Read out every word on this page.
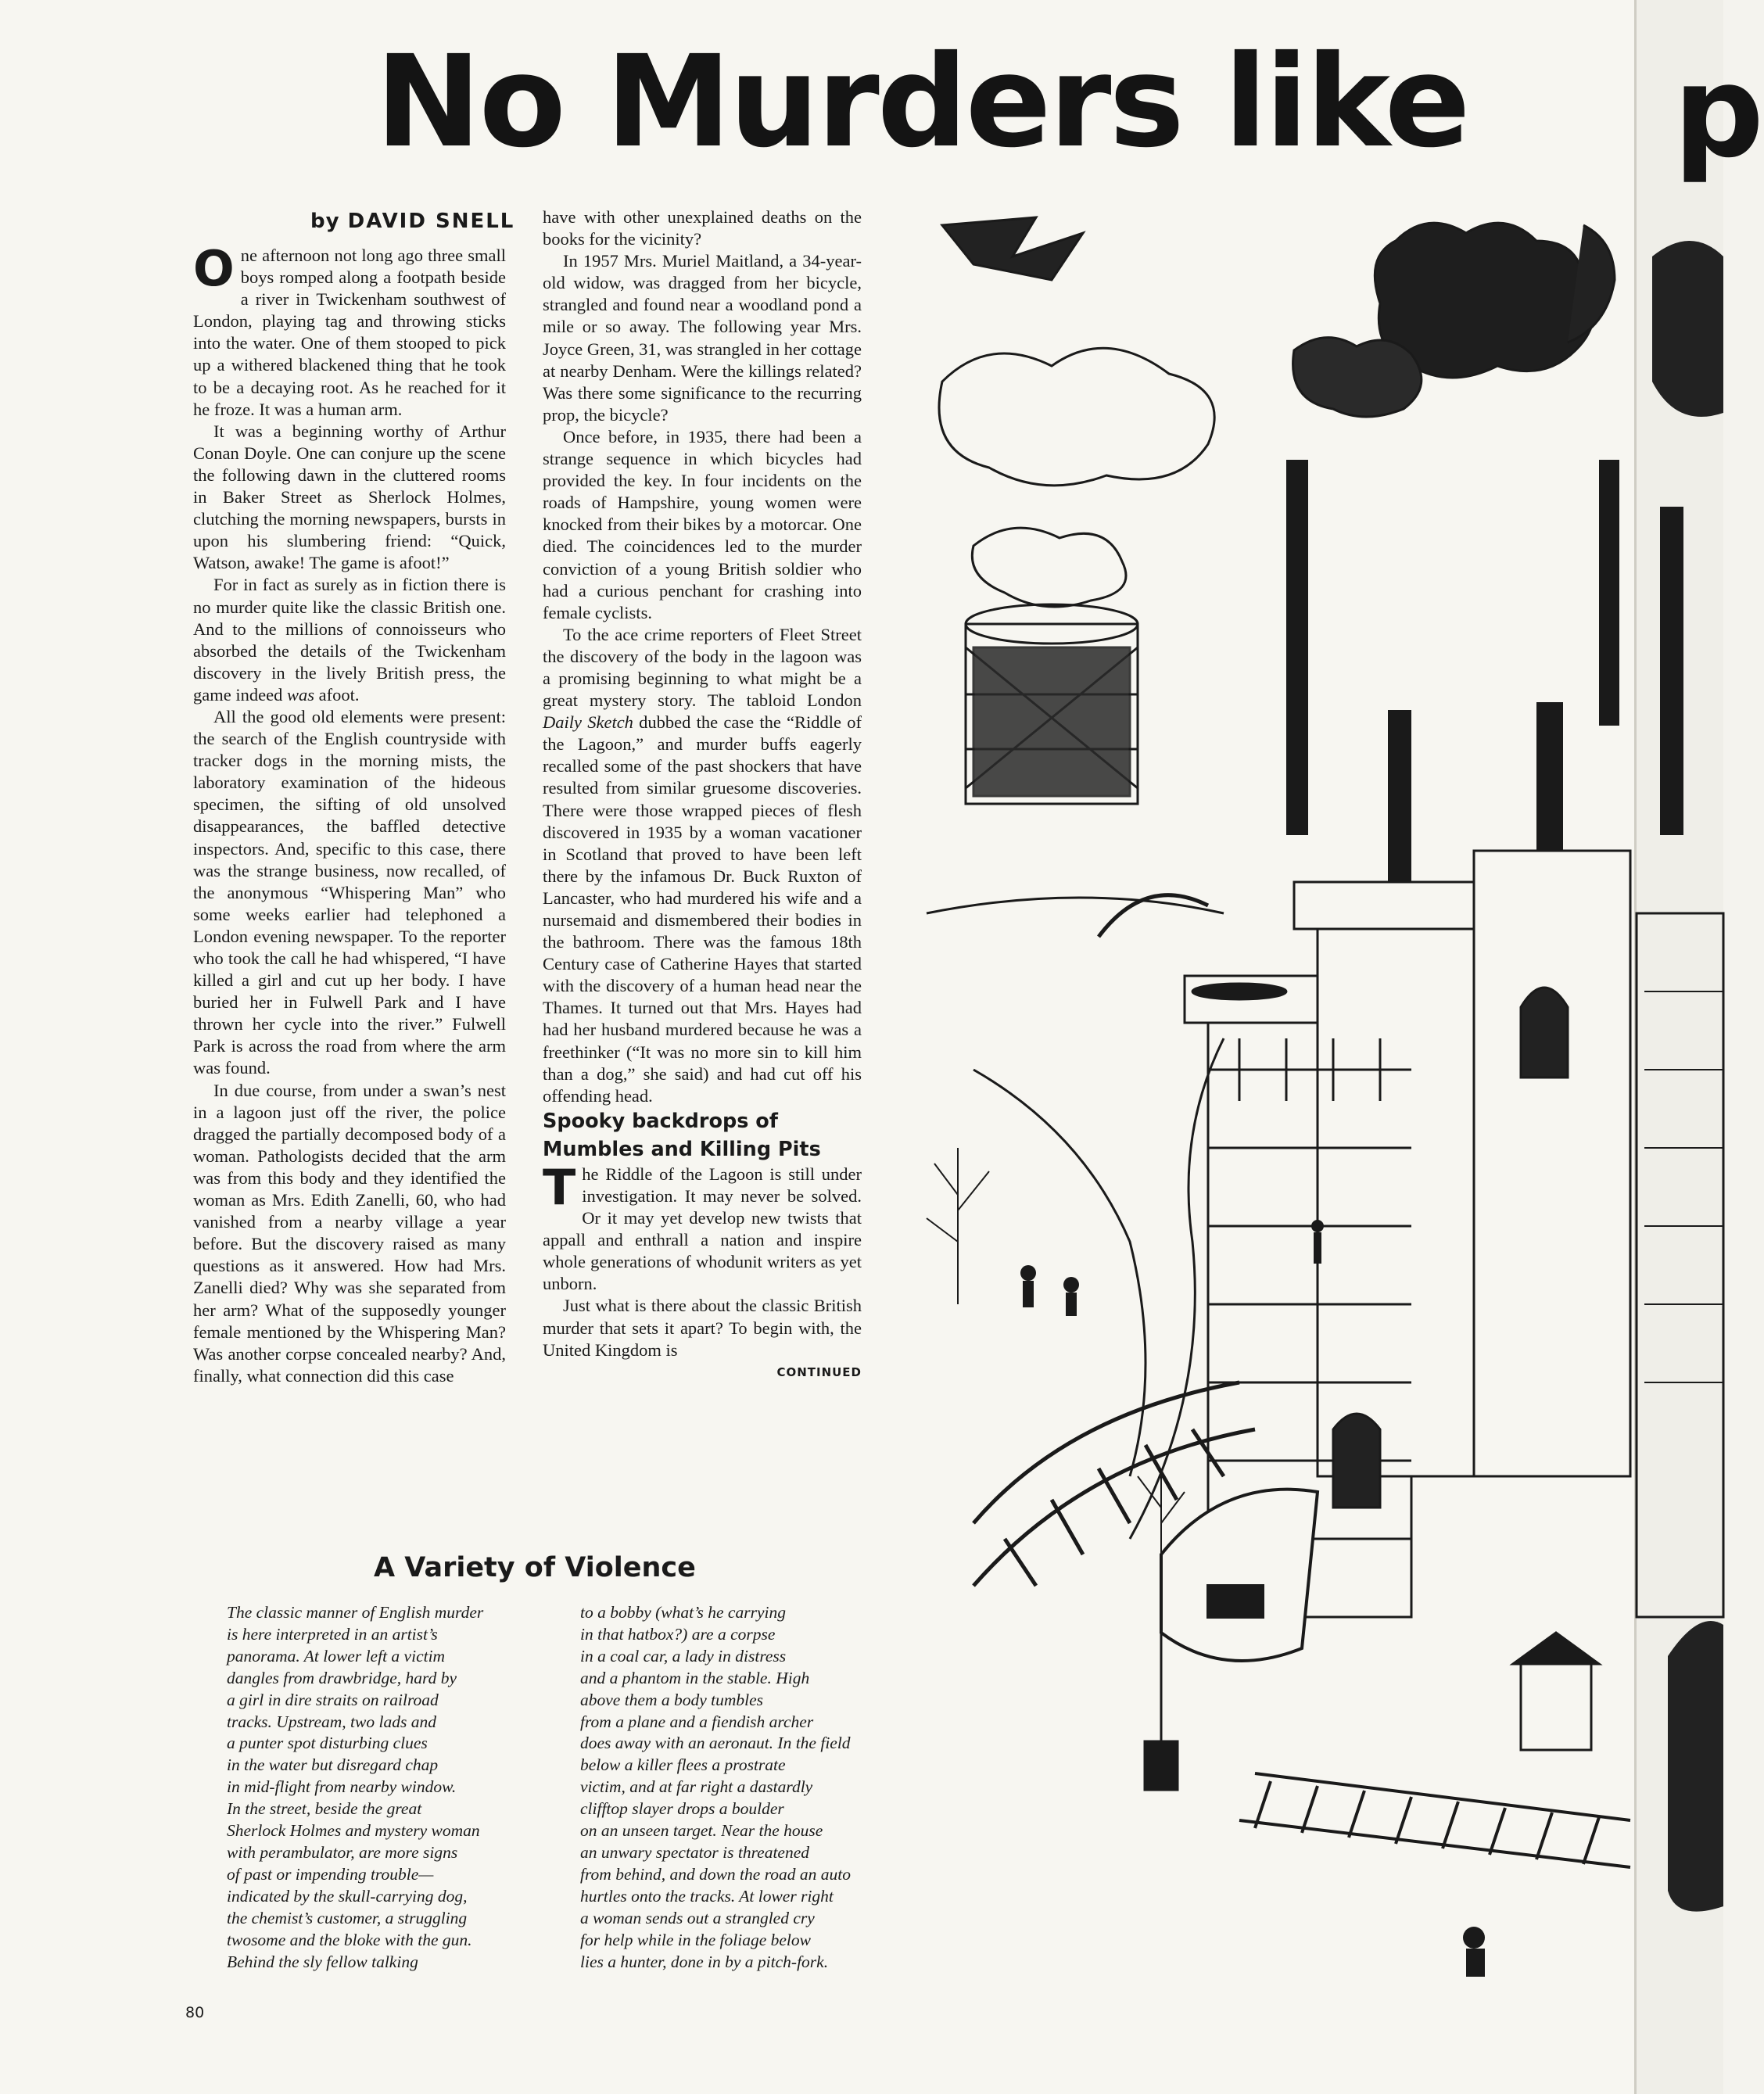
No Murders like
by DAVID SNELL

One afternoon not long ago three small boys romped along a footpath beside a river in Twickenham southwest of London, playing tag and throwing sticks into the water. One of them stooped to pick up a withered blackened thing that he took to be a decaying root. As he reached for it he froze. It was a human arm.

It was a beginning worthy of Arthur Conan Doyle. One can conjure up the scene the following dawn in the cluttered rooms in Baker Street as Sherlock Holmes, clutching the morning newspapers, bursts in upon his slumbering friend: “Quick, Watson, awake! The game is afoot!”

For in fact as surely as in fiction there is no murder quite like the classic British one. And to the millions of connoisseurs who absorbed the details of the Twickenham discovery in the lively British press, the game indeed was afoot.

All the good old elements were present: the search of the English countryside with tracker dogs in the morning mists, the laboratory examination of the hideous specimen, the sifting of old unsolved disappearances, the baffled detective inspectors. And, specific to this case, there was the strange business, now recalled, of the anonymous “Whispering Man” who some weeks earlier had telephoned a London evening newspaper. To the reporter who took the call he had whispered, “I have killed a girl and cut up her body. I have buried her in Fulwell Park and I have thrown her cycle into the river.” Fulwell Park is across the road from where the arm was found.

In due course, from under a swan’s nest in a lagoon just off the river, the police dragged the partially decomposed body of a woman. Pathologists decided that the arm was from this body and they identified the woman as Mrs. Edith Zanelli, 60, who had vanished from a nearby village a year before. But the discovery raised as many questions as it answered. How had Mrs. Zanelli died? Why was she separated from her arm? What of the supposedly younger female mentioned by the Whispering Man? Was another corpse concealed nearby? And, finally, what connection did this case

have with other unexplained deaths on the books for the vicinity?

In 1957 Mrs. Muriel Maitland, a 34-year-old widow, was dragged from her bicycle, strangled and found near a woodland pond a mile or so away. The following year Mrs. Joyce Green, 31, was strangled in her cottage at nearby Denham. Were the killings related? Was there some significance to the recurring prop, the bicycle?

Once before, in 1935, there had been a strange sequence in which bicycles had provided the key. In four incidents on the roads of Hampshire, young women were knocked from their bikes by a motorcar. One died. The coincidences led to the murder conviction of a young British soldier who had a curious penchant for crashing into female cyclists.

To the ace crime reporters of Fleet Street the discovery of the body in the lagoon was a promising beginning to what might be a great mystery story. The tabloid London Daily Sketch dubbed the case the “Riddle of the Lagoon,” and murder buffs eagerly recalled some of the past shockers that have resulted from similar gruesome discoveries. There were those wrapped pieces of flesh discovered in 1935 by a woman vacationer in Scotland that proved to have been left there by the infamous Dr. Buck Ruxton of Lancaster, who had murdered his wife and a nursemaid and dismembered their bodies in the bathroom. There was the famous 18th Century case of Catherine Hayes that started with the discovery of a human head near the Thames. It turned out that Mrs. Hayes had had her husband murdered because he was a freethinker (“It was no more sin to kill him than a dog,” she said) and had cut off his offending head.

Spooky backdrops of
Mumbles and Killing Pits

The Riddle of the Lagoon is still under investigation. It may never be solved. Or it may yet develop new twists that appall and enthrall a nation and inspire whole generations of whodunit writers as yet unborn.

Just what is there about the classic British murder that sets it apart? To begin with, the United Kingdom is

CONTINUED
A Variety of Violence
The classic manner of English murder
is here interpreted in an artist’s
panorama. At lower left a victim
dangles from drawbridge, hard by
a girl in dire straits on railroad
tracks. Upstream, two lads and
a punter spot disturbing clues
in the water but disregard chap
in mid-flight from nearby window.
In the street, beside the great
Sherlock Holmes and mystery woman
with perambulator, are more signs
of past or impending trouble—
indicated by the skull-carrying dog,
the chemist’s customer, a struggling
twosome and the bloke with the gun.
Behind the sly fellow talking
to a bobby (what’s he carrying
in that hatbox?) are a corpse
in a coal car, a lady in distress
and a phantom in the stable. High
above them a body tumbles
from a plane and a fiendish archer
does away with an aeronaut. In the field
below a killer flees a prostrate
victim, and at far right a dastardly
clifftop slayer drops a boulder
on an unseen target. Near the house
an unwary spectator is threatened
from behind, and down the road an auto
hurtles onto the tracks. At lower right
a woman sends out a strangled cry
for help while in the foliage below
lies a hunter, done in by a pitch-fork.
80
p
